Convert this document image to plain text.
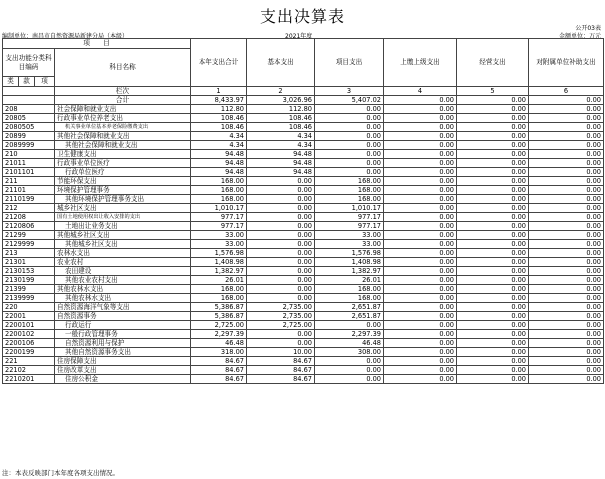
支出决算表
公开03表
编制单位：南昌市自然资源局新建分局（本级）	2021年度	金额单位：万元
项　　目				本年支出合计	基本支出	项目支出	上缴上级支出	经营支出	对附属单位补助支出
支出功能分类科目编码			科目名称						

类	款	项							
			栏次	1	2	3	4	5	6
			合计	8,433.97	3,026.96	5,407.02	0.00	0.00	0.00
208			社会保障和就业支出	112.80	112.80	0.00	0.00	0.00	0.00
20805			行政事业单位养老支出	108.46	108.46	0.00	0.00	0.00	0.00
2080505			机关事业单位基本养老保险缴费支出	108.46	108.46	0.00	0.00	0.00	0.00
20899			其他社会保障和就业支出	4.34	4.34	0.00	0.00	0.00	0.00
2089999			其他社会保障和就业支出	4.34	4.34	0.00	0.00	0.00	0.00
210			卫生健康支出	94.48	94.48	0.00	0.00	0.00	0.00
21011			行政事业单位医疗	94.48	94.48	0.00	0.00	0.00	0.00
2101101			行政单位医疗	94.48	94.48	0.00	0.00	0.00	0.00
211			节能环保支出	168.00	0.00	168.00	0.00	0.00	0.00
21101			环境保护管理事务	168.00	0.00	168.00	0.00	0.00	0.00
2110199			其他环境保护管理事务支出	168.00	0.00	168.00	0.00	0.00	0.00
212			城乡社区支出	1,010.17	0.00	1,010.17	0.00	0.00	0.00
21208			国有土地使用权出让收入安排的支出	977.17	0.00	977.17	0.00	0.00	0.00
2120806			土地出让业务支出	977.17	0.00	977.17	0.00	0.00	0.00
21299			其他城乡社区支出	33.00	0.00	33.00	0.00	0.00	0.00
2129999			其他城乡社区支出	33.00	0.00	33.00	0.00	0.00	0.00
213			农林水支出	1,576.98	0.00	1,576.98	0.00	0.00	0.00
21301			农业农村	1,408.98	0.00	1,408.98	0.00	0.00	0.00
2130153			农田建设	1,382.97	0.00	1,382.97	0.00	0.00	0.00
2130199			其他农业农村支出	26.01	0.00	26.01	0.00	0.00	0.00
21399			其他农林水支出	168.00	0.00	168.00	0.00	0.00	0.00
2139999			其他农林水支出	168.00	0.00	168.00	0.00	0.00	0.00
220			自然资源海洋气象等支出	5,386.87	2,735.00	2,651.87	0.00	0.00	0.00
22001			自然资源事务	5,386.87	2,735.00	2,651.87	0.00	0.00	0.00
2200101			行政运行	2,725.00	2,725.00	0.00	0.00	0.00	0.00
2200102			一般行政管理事务	2,297.39	0.00	2,297.39	0.00	0.00	0.00
2200106			自然资源利用与保护	46.48	0.00	46.48	0.00	0.00	0.00
2200199			其他自然资源事务支出	318.00	10.00	308.00	0.00	0.00	0.00
221			住房保障支出	84.67	84.67	0.00	0.00	0.00	0.00
22102			住房改革支出	84.67	84.67	0.00	0.00	0.00	0.00
2210201			住房公积金	84.67	84.67	0.00	0.00	0.00	0.00
注：本表反映部门本年度各项支出情况。
